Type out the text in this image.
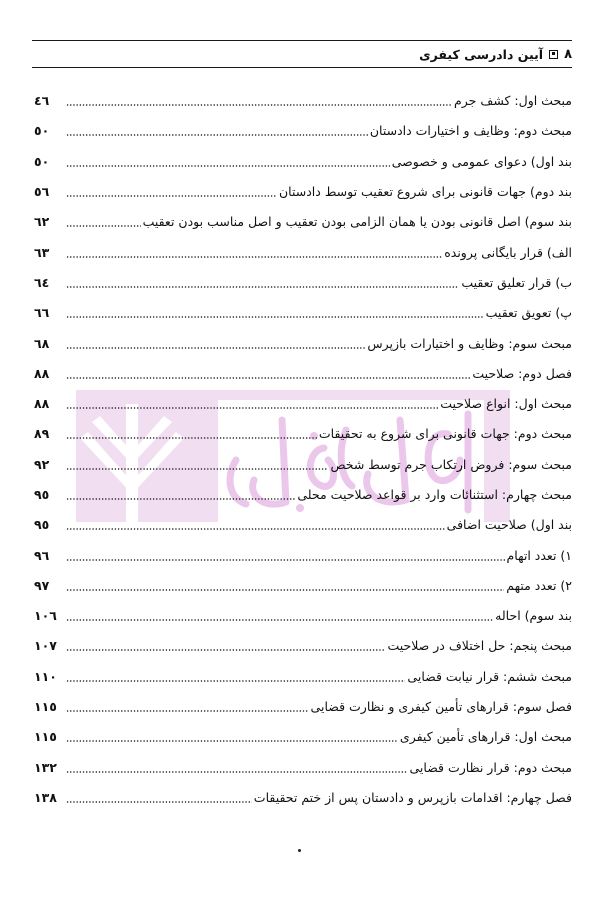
۸
آیین دادرسی کیفری
٤٦	مبحث اول: کشف جرم
٥٠	مبحث دوم: وظایف و اختیارات دادستان
٥٠	بند اول) دعوای عمومی و خصوصی
٥٦	بند دوم) جهات قانونی برای شروع تعقیب توسط دادستان
٦٢	بند سوم) اصل قانونی بودن یا همان الزامی بودن تعقیب و اصل مناسب بودن تعقیب
٦٣	الف) قرار بایگانی پرونده
٦٤	ب) قرار تعلیق تعقیب
٦٦	پ) تعویق تعقیب
٦٨	مبحث سوم: وظایف و اختیارات بازپرس
٨٨	فصل دوم: صلاحیت
٨٨	مبحث اول: انواع صلاحیت
٨٩	مبحث دوم: جهات قانونی برای شروع به تحقیقات
٩٢	مبحث سوم: فروض ارتکاب جرم توسط شخص
٩٥	مبحث چهارم: استثنائات وارد بر قواعد صلاحیت محلی
٩٥	بند اول) صلاحیت اضافی
٩٦	١) تعدد اتهام
٩٧	٢) تعدد متهم
١٠٦	بند سوم) احاله
١٠٧	مبحث پنجم: حل اختلاف در صلاحیت
١١٠	مبحث ششم: قرار نیابت قضایی
١١٥	فصل سوم: قرارهای تأمین کیفری و نظارت قضایی
١١٥	مبحث اول: قرارهای تأمین کیفری
١٣٢	مبحث دوم: قرار نظارت قضایی
١٣٨	فصل چهارم: اقدامات بازپرس و دادستان پس از ختم تحقیقات
